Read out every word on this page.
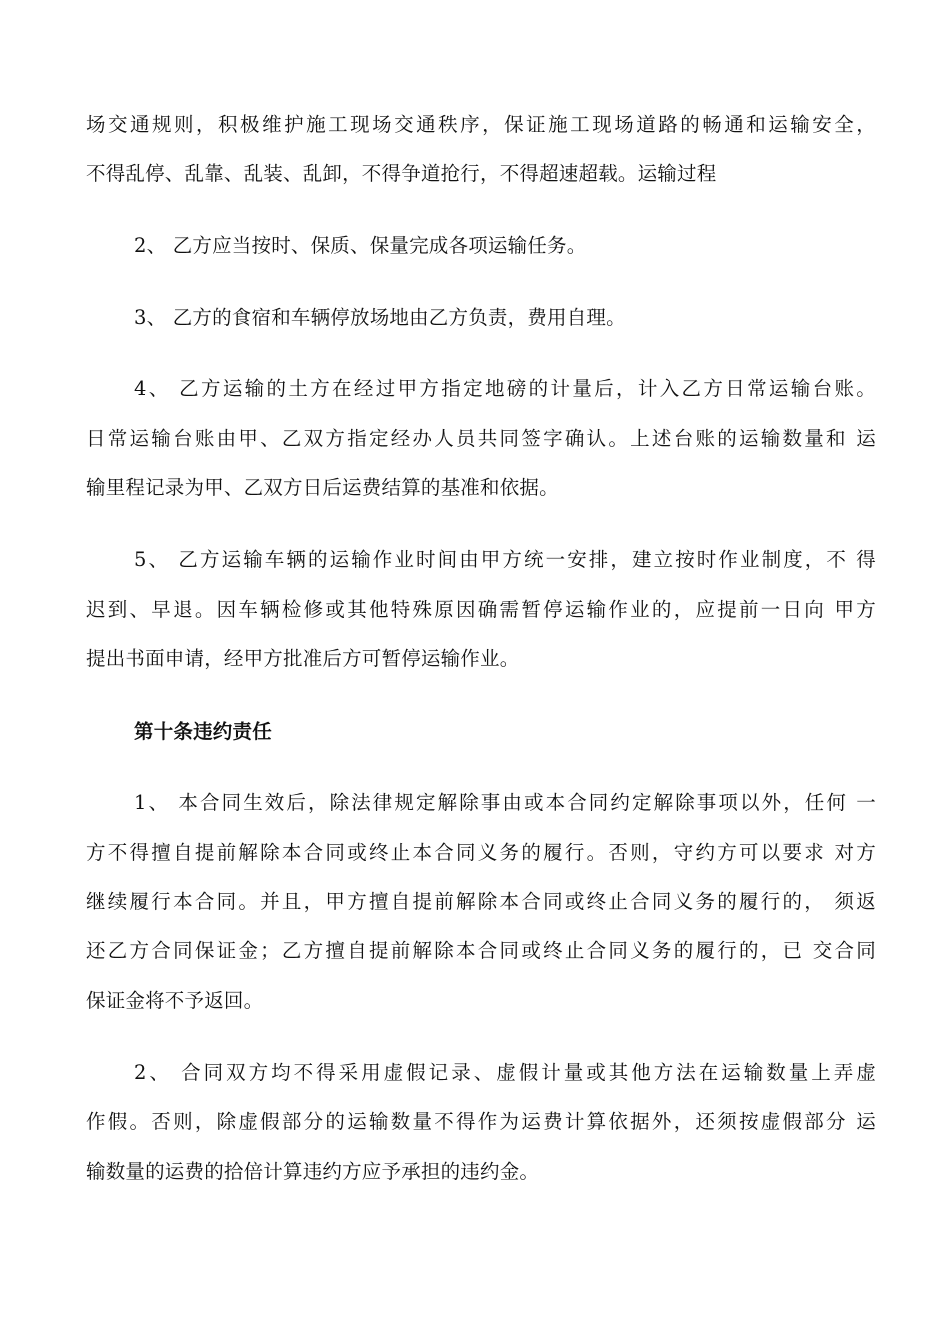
场交通规则，积极维护施工现场交通秩序，保证施工现场道路的畅通和运输安全，
不得乱停、乱靠、乱装、乱卸，不得争道抢行，不得超速超载。运输过程
2、 乙方应当按时、保质、保量完成各项运输任务。
3、 乙方的食宿和车辆停放场地由乙方负责，费用自理。
4、 乙方运输的土方在经过甲方指定地磅的计量后，计入乙方日常运输台账。
日常运输台账由甲、乙双方指定经办人员共同签字确认。上述台账的运输数量和 运
输里程记录为甲、乙双方日后运费结算的基准和依据。
5、 乙方运输车辆的运输作业时间由甲方统一安排，建立按时作业制度，不 得
迟到、早退。因车辆检修或其他特殊原因确需暂停运输作业的，应提前一日向 甲方
提出书面申请，经甲方批准后方可暂停运输作业。
第十条违约责任
1、 本合同生效后，除法律规定解除事由或本合同约定解除事项以外，任何 一
方不得擅自提前解除本合同或终止本合同义务的履行。否则，守约方可以要求 对方
继续履行本合同。并且，甲方擅自提前解除本合同或终止合同义务的履行的， 须返
还乙方合同保证金；乙方擅自提前解除本合同或终止合同义务的履行的，已 交合同
保证金将不予返回。
2、 合同双方均不得采用虚假记录、虚假计量或其他方法在运输数量上弄虚
作假。否则，除虚假部分的运输数量不得作为运费计算依据外，还须按虚假部分 运
输数量的运费的拾倍计算违约方应予承担的违约金。
